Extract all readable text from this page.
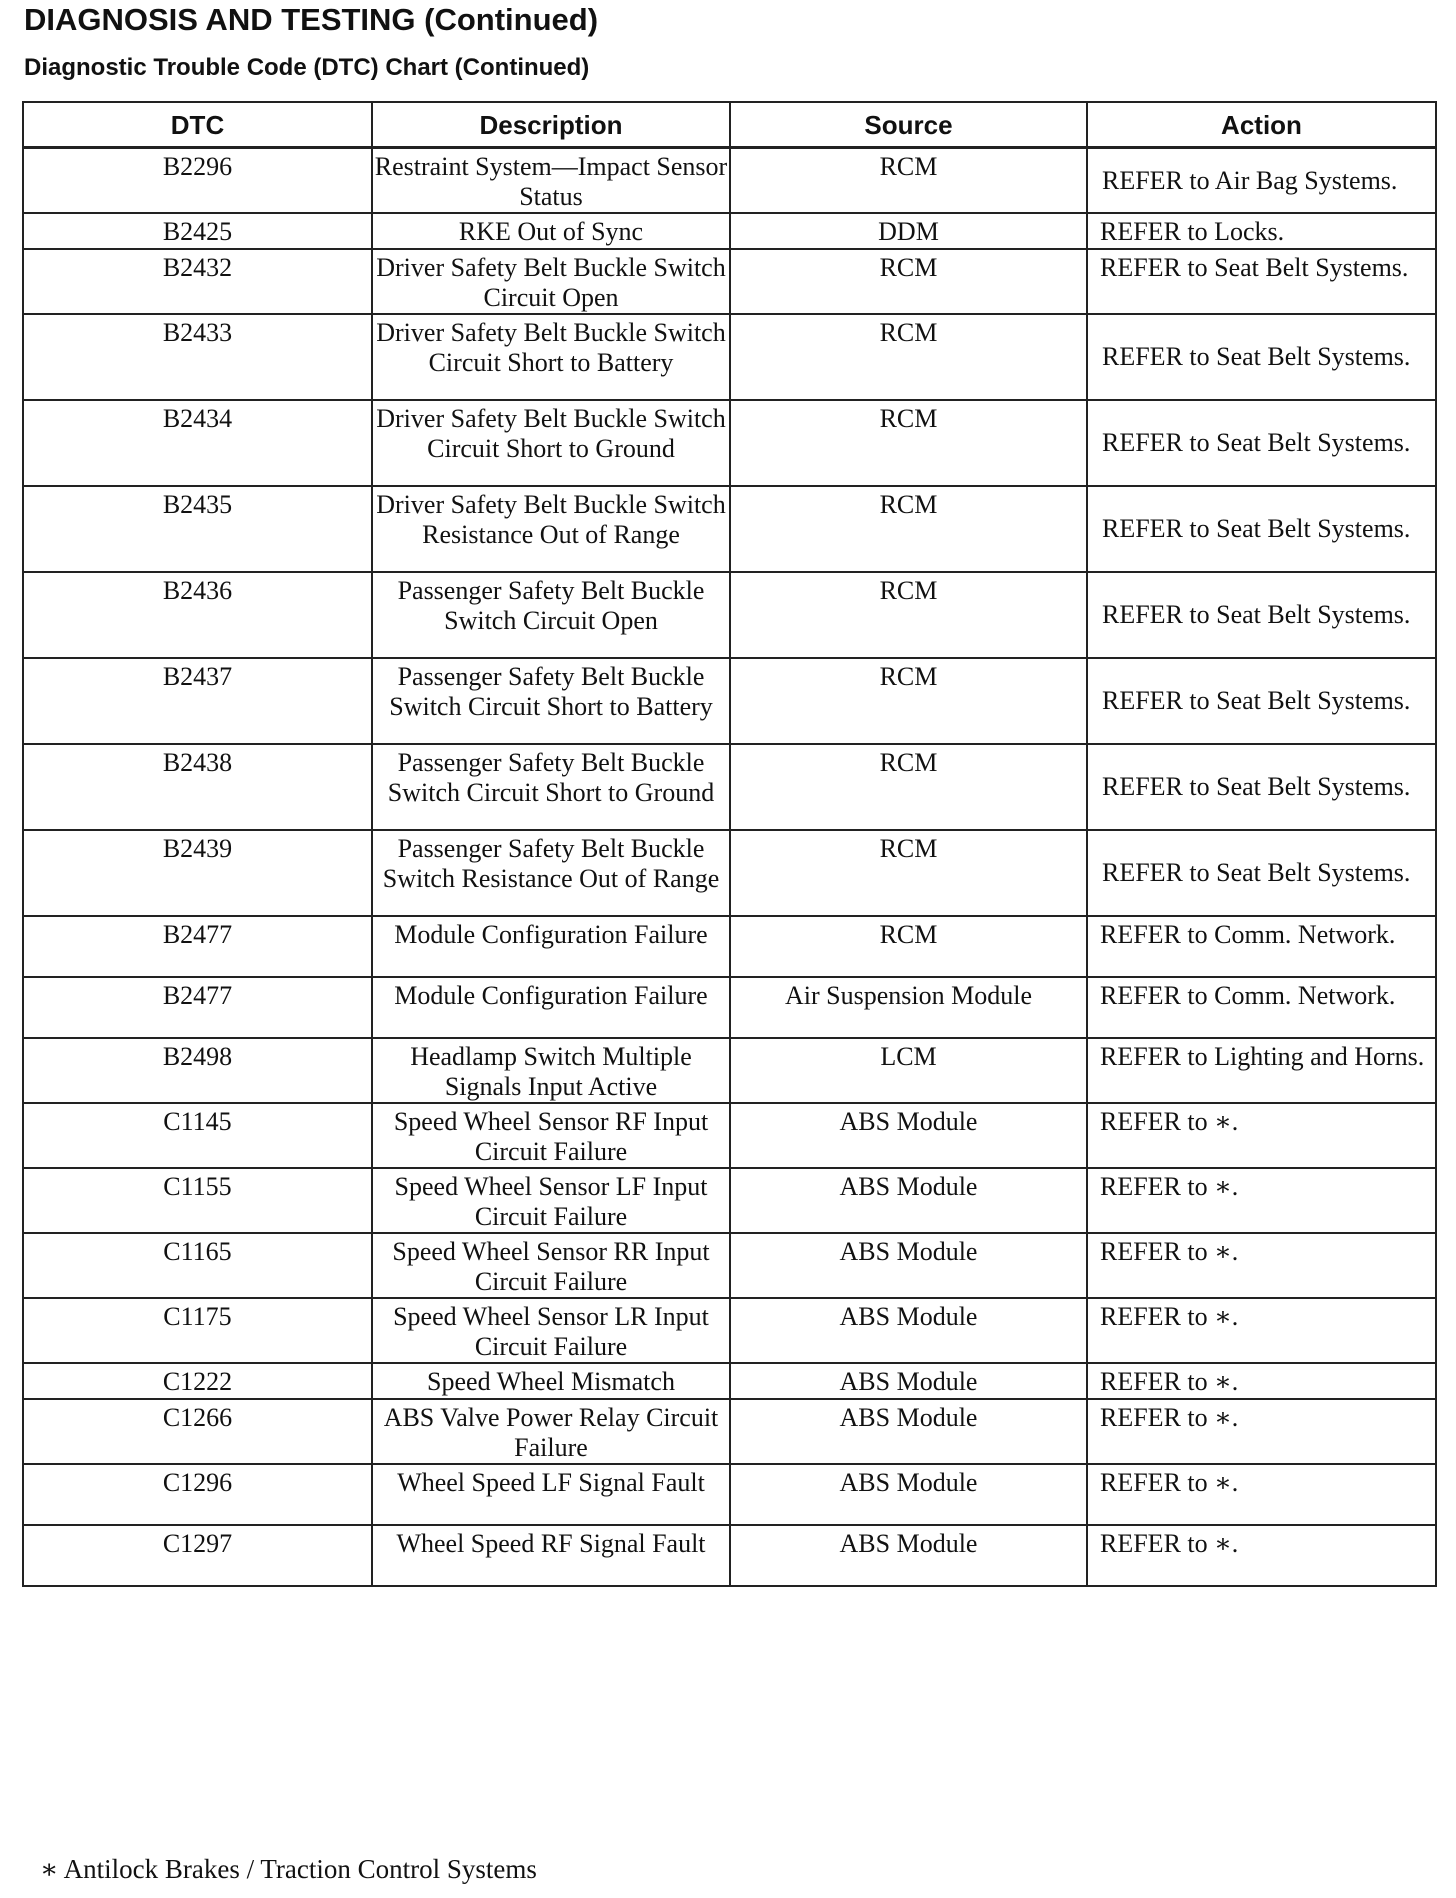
DIAGNOSIS AND TESTING (Continued)
Diagnostic Trouble Code (DTC) Chart (Continued)
DTC	Description	Source	Action
B2296	Restraint System—Impact Sensor Status	RCM	REFER to Air Bag Systems.
B2425	RKE Out of Sync	DDM	REFER to Locks.
B2432	Driver Safety Belt Buckle Switch Circuit Open	RCM	REFER to Seat Belt Systems.
B2433	Driver Safety Belt Buckle Switch Circuit Short to Battery	RCM	REFER to Seat Belt Systems.
B2434	Driver Safety Belt Buckle Switch Circuit Short to Ground	RCM	REFER to Seat Belt Systems.
B2435	Driver Safety Belt Buckle Switch Resistance Out of Range	RCM	REFER to Seat Belt Systems.
B2436	Passenger Safety Belt Buckle Switch Circuit Open	RCM	REFER to Seat Belt Systems.
B2437	Passenger Safety Belt Buckle Switch Circuit Short to Battery	RCM	REFER to Seat Belt Systems.
B2438	Passenger Safety Belt Buckle Switch Circuit Short to Ground	RCM	REFER to Seat Belt Systems.
B2439	Passenger Safety Belt Buckle Switch Resistance Out of Range	RCM	REFER to Seat Belt Systems.
B2477	Module Configuration Failure	RCM	REFER to Comm. Network.
B2477	Module Configuration Failure	Air Suspension Module	REFER to Comm. Network.
B2498	Headlamp Switch Multiple Signals Input Active	LCM	REFER to Lighting and Horns.
C1145	Speed Wheel Sensor RF Input Circuit Failure	ABS Module	REFER to ∗.
C1155	Speed Wheel Sensor LF Input Circuit Failure	ABS Module	REFER to ∗.
C1165	Speed Wheel Sensor RR Input Circuit Failure	ABS Module	REFER to ∗.
C1175	Speed Wheel Sensor LR Input Circuit Failure	ABS Module	REFER to ∗.
C1222	Speed Wheel Mismatch	ABS Module	REFER to ∗.
C1266	ABS Valve Power Relay Circuit Failure	ABS Module	REFER to ∗.
C1296	Wheel Speed LF Signal Fault	ABS Module	REFER to ∗.
C1297	Wheel Speed RF Signal Fault	ABS Module	REFER to ∗.

∗ Antilock Brakes / Traction Control Systems
